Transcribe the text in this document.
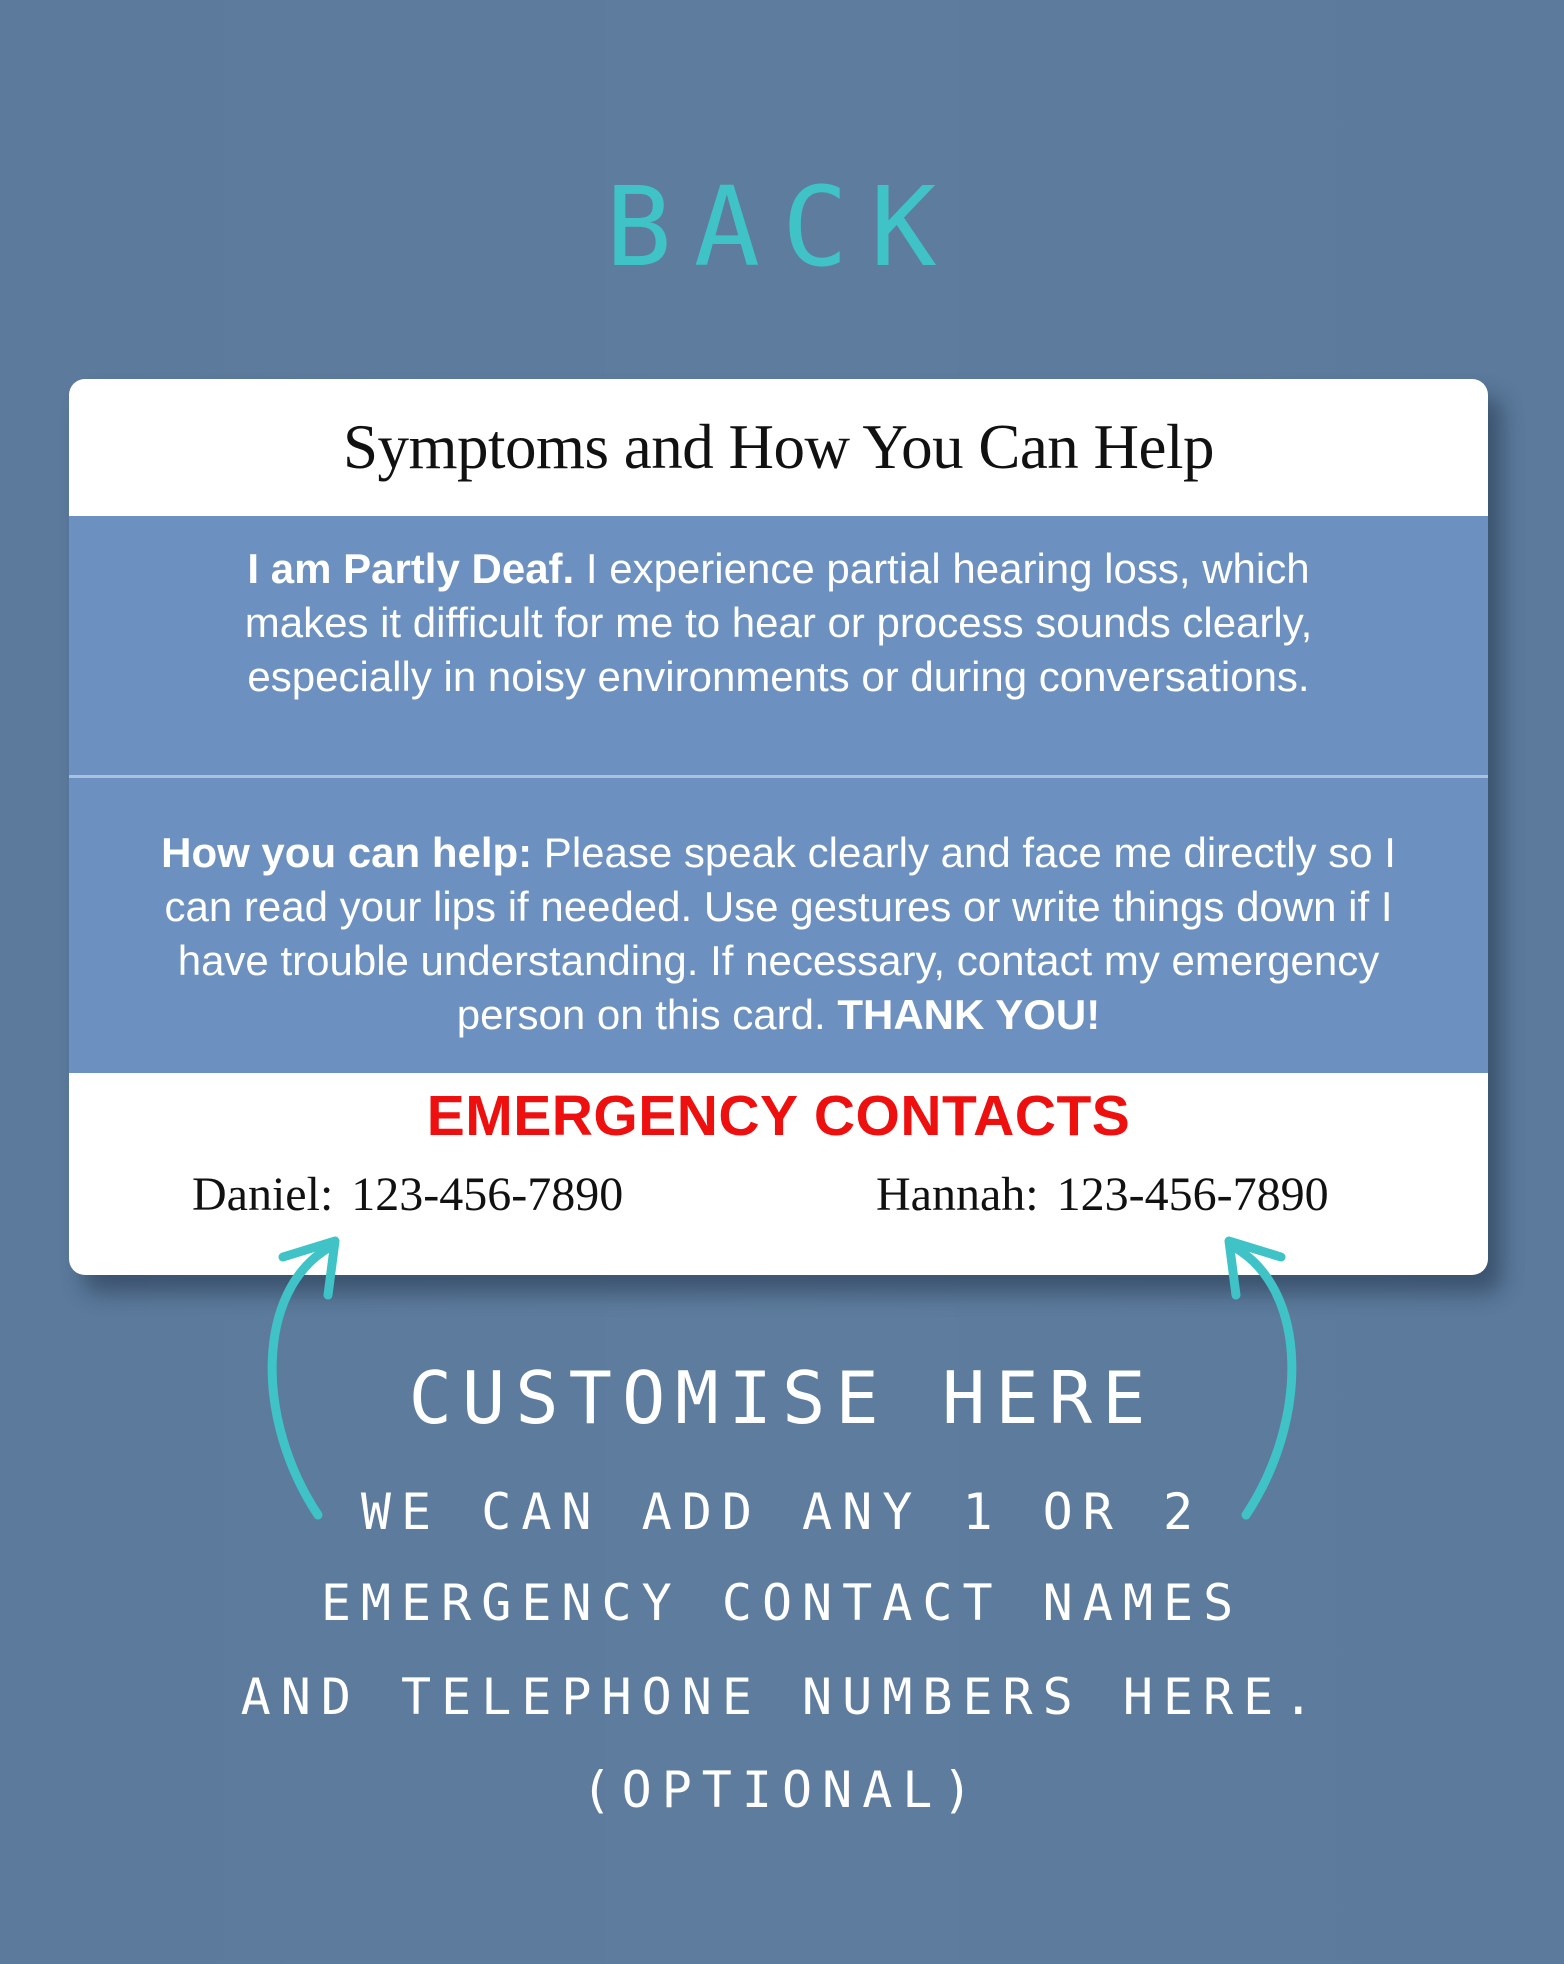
BACK
Symptoms and How You Can Help
I am Partly Deaf. I experience partial hearing loss, which makes it difficult for me to hear or process sounds clearly, especially in noisy environments or during conversations.
How you can help: Please speak clearly and face me directly so I can read your lips if needed. Use gestures or write things down if I have trouble understanding. If necessary, contact my emergency person on this card. THANK YOU!
EMERGENCY CONTACTS
Daniel: 123-456-7890	Hannah: 123-456-7890
CUSTOMISE HERE
WE CAN ADD ANY 1 OR 2
EMERGENCY CONTACT NAMES
AND TELEPHONE NUMBERS HERE.
(OPTIONAL)
